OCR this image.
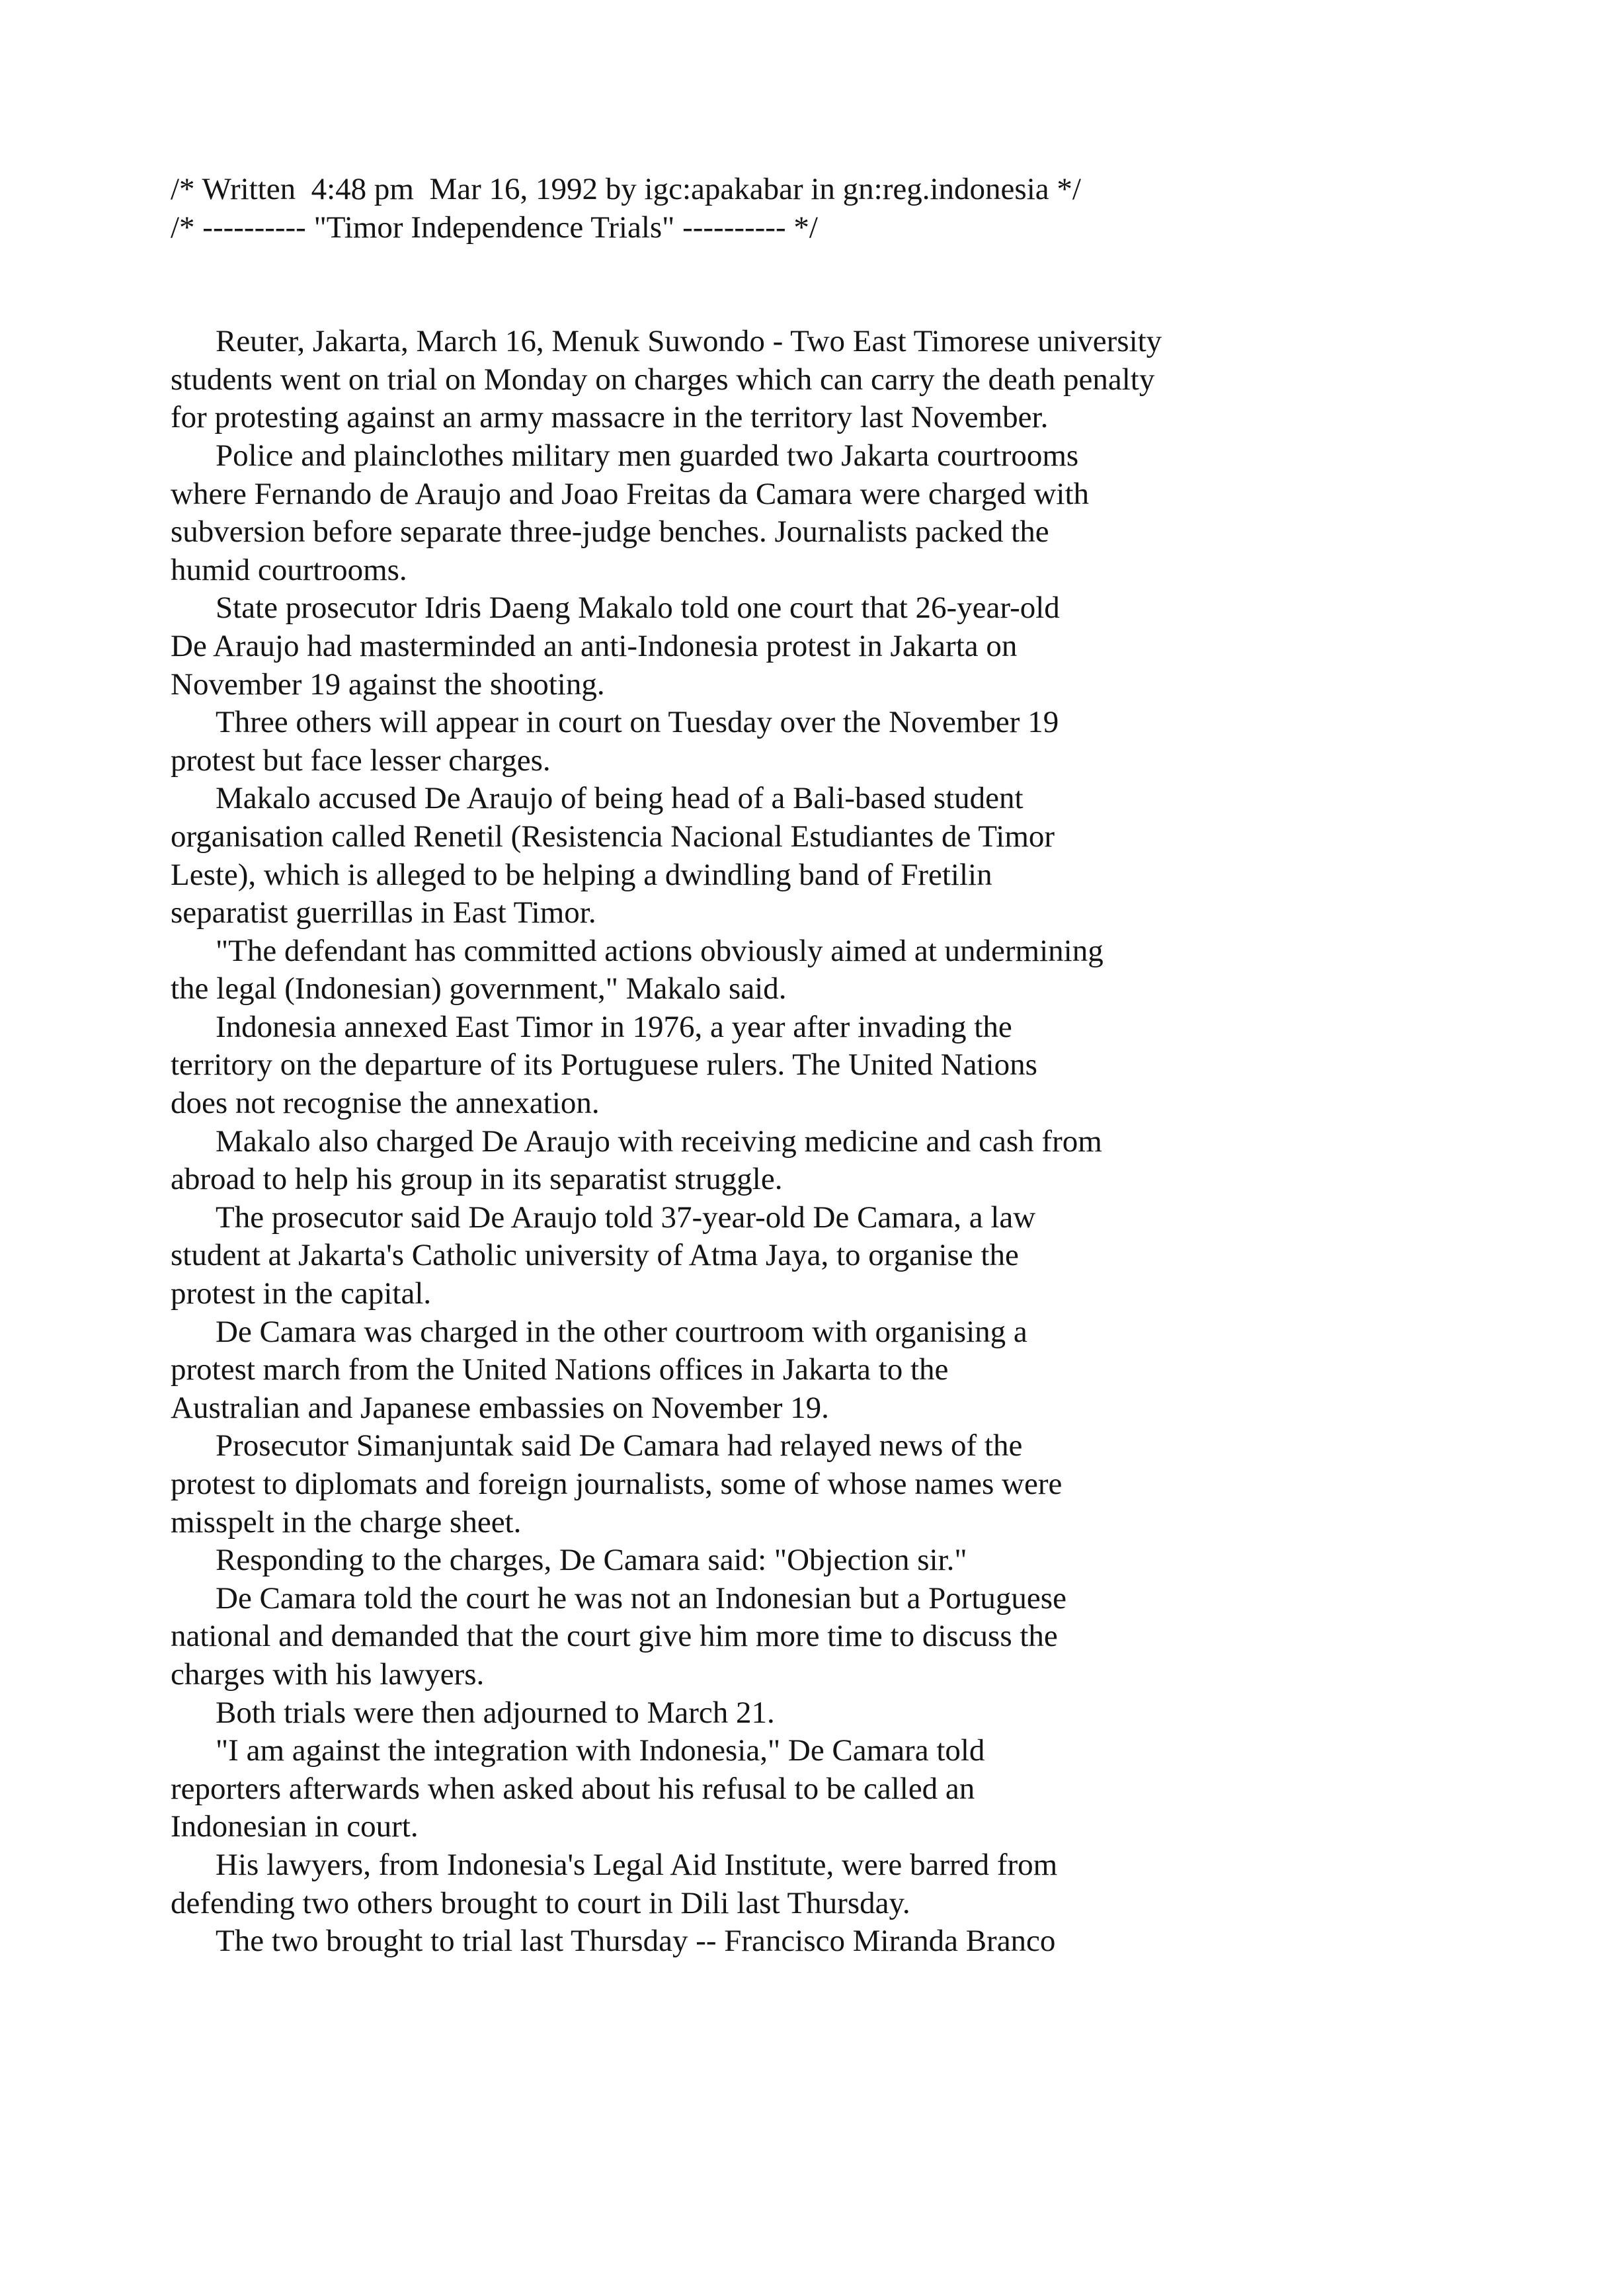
/* Written  4:48 pm  Mar 16, 1992 by igc:apakabar in gn:reg.indonesia */
/* ---------- "Timor Independence Trials" ---------- */
Reuter, Jakarta, March 16, Menuk Suwondo - Two East Timorese university
students went on trial on Monday on charges which can carry the death penalty
for protesting against an army massacre in the territory last November.
Police and plainclothes military men guarded two Jakarta courtrooms
where Fernando de Araujo and Joao Freitas da Camara were charged with
subversion before separate three-judge benches. Journalists packed the
humid courtrooms.
State prosecutor Idris Daeng Makalo told one court that 26-year-old
De Araujo had masterminded an anti-Indonesia protest in Jakarta on
November 19 against the shooting.
Three others will appear in court on Tuesday over the November 19
protest but face lesser charges.
Makalo accused De Araujo of being head of a Bali-based student
organisation called Renetil (Resistencia Nacional Estudiantes de Timor
Leste), which is alleged to be helping a dwindling band of Fretilin
separatist guerrillas in East Timor.
"The defendant has committed actions obviously aimed at undermining
the legal (Indonesian) government," Makalo said.
Indonesia annexed East Timor in 1976, a year after invading the
territory on the departure of its Portuguese rulers. The United Nations
does not recognise the annexation.
Makalo also charged De Araujo with receiving medicine and cash from
abroad to help his group in its separatist struggle.
The prosecutor said De Araujo told 37-year-old De Camara, a law
student at Jakarta's Catholic university of Atma Jaya, to organise the
protest in the capital.
De Camara was charged in the other courtroom with organising a
protest march from the United Nations offices in Jakarta to the
Australian and Japanese embassies on November 19.
Prosecutor Simanjuntak said De Camara had relayed news of the
protest to diplomats and foreign journalists, some of whose names were
misspelt in the charge sheet.
Responding to the charges, De Camara said: "Objection sir."
De Camara told the court he was not an Indonesian but a Portuguese
national and demanded that the court give him more time to discuss the
charges with his lawyers.
Both trials were then adjourned to March 21.
"I am against the integration with Indonesia," De Camara told
reporters afterwards when asked about his refusal to be called an
Indonesian in court.
His lawyers, from Indonesia's Legal Aid Institute, were barred from
defending two others brought to court in Dili last Thursday.
The two brought to trial last Thursday -- Francisco Miranda Branco
